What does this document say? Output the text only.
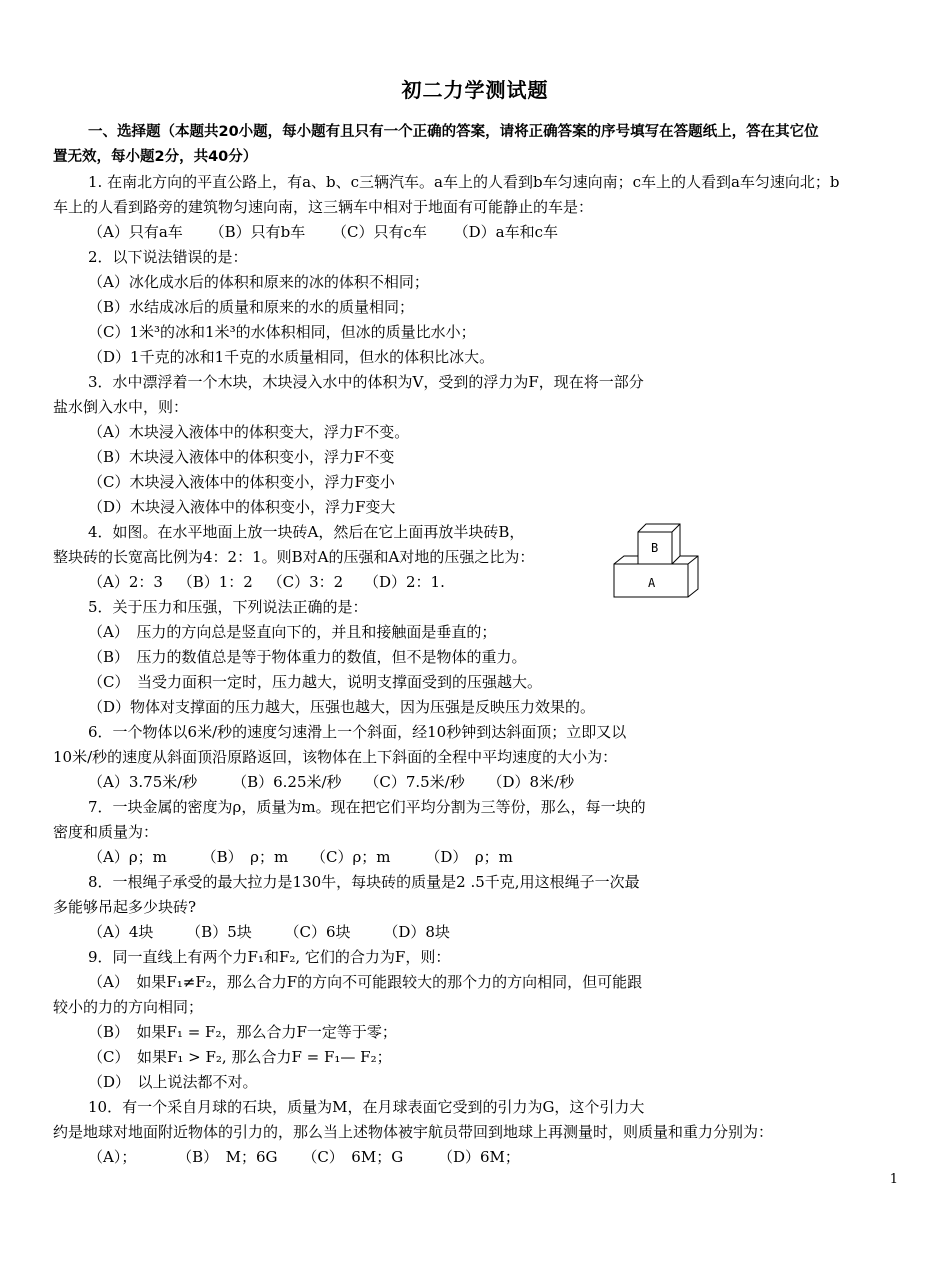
初二力学测试题
一、选择题（本题共20小题，每小题有且只有一个正确的答案，请将正确答案的序号填写在答题纸上，答在其它位
置无效，每小题2分，共40分）
1. 在南北方向的平直公路上，有a、b、c三辆汽车。a车上的人看到b车匀速向南；c车上的人看到a车匀速向北；b
车上的人看到路旁的建筑物匀速向南，这三辆车中相对于地面有可能静止的车是：
（A）只有a车 （B）只有b车 （C）只有c车 （D）a车和c车
2．以下说法错误的是：
（A）冰化成水后的体积和原来的冰的体积不相同；
（B）水结成冰后的质量和原来的水的质量相同；
（C）1米³的冰和1米³的水体积相同，但冰的质量比水小；
（D）1千克的冰和1千克的水质量相同，但水的体积比冰大。
3．水中漂浮着一个木块，木块浸入水中的体积为V，受到的浮力为F，现在将一部分
盐水倒入水中，则：
（A）木块浸入液体中的体积变大，浮力F不变。
（B）木块浸入液体中的体积变小，浮力F不变
（C）木块浸入液体中的体积变小，浮力F变小
（D）木块浸入液体中的体积变小，浮力F变大
4．如图。在水平地面上放一块砖A，然后在它上面再放半块砖B，
整块砖的长宽高比例为4：2：1。则B对A的压强和A对地的压强之比为：
（A）2：3 （B）1：2 （C）3：2 （D）2：1.
5．关于压力和压强，下列说法正确的是：
（A）　压力的方向总是竖直向下的，并且和接触面是垂直的；
（B）　压力的数值总是等于物体重力的数值，但不是物体的重力。
（C）　当受力面积一定时，压力越大，说明支撑面受到的压强越大。
（D）物体对支撑面的压力越大，压强也越大，因为压强是反映压力效果的。
6．一个物体以6米/秒的速度匀速滑上一个斜面，经10秒钟到达斜面顶；立即又以
10米/秒的速度从斜面顶沿原路返回，该物体在上下斜面的全程中平均速度的大小为：
（A）3.75米/秒 （B）6.25米/秒 （C）7.5米/秒 （D）8米/秒
7．一块金属的密度为ρ，质量为m。现在把它们平均分割为三等份，那么，每一块的
密度和质量为：
（A）ρ；m （B）　ρ；m （C）ρ；m （D）　ρ；m
8．一根绳子承受的最大拉力是130牛，每块砖的质量是2 .5千克,用这根绳子一次最
多能够吊起多少块砖?
（A）4块 （B）5块 （C）6块 （D）8块
9．同一直线上有两个力F₁和F₂, 它们的合力为F，则：
（A）　如果F₁≠F₂，那么合力F的方向不可能跟较大的那个力的方向相同，但可能跟
较小的力的方向相同；
（B）　如果F₁ = F₂，那么合力F一定等于零；
（C）　如果F₁ > F₂, 那么合力F = F₁— F₂；
（D）　以上说法都不对。
10．有一个采自月球的石块，质量为M，在月球表面它受到的引力为G，这个引力大
约是地球对地面附近物体的引力的，那么当上述物体被宇航员带回到地球上再测量时，则质量和重力分别为：
（A）；	（B）　M；6G （C）　6M；G （D）6M；
B
A
1
